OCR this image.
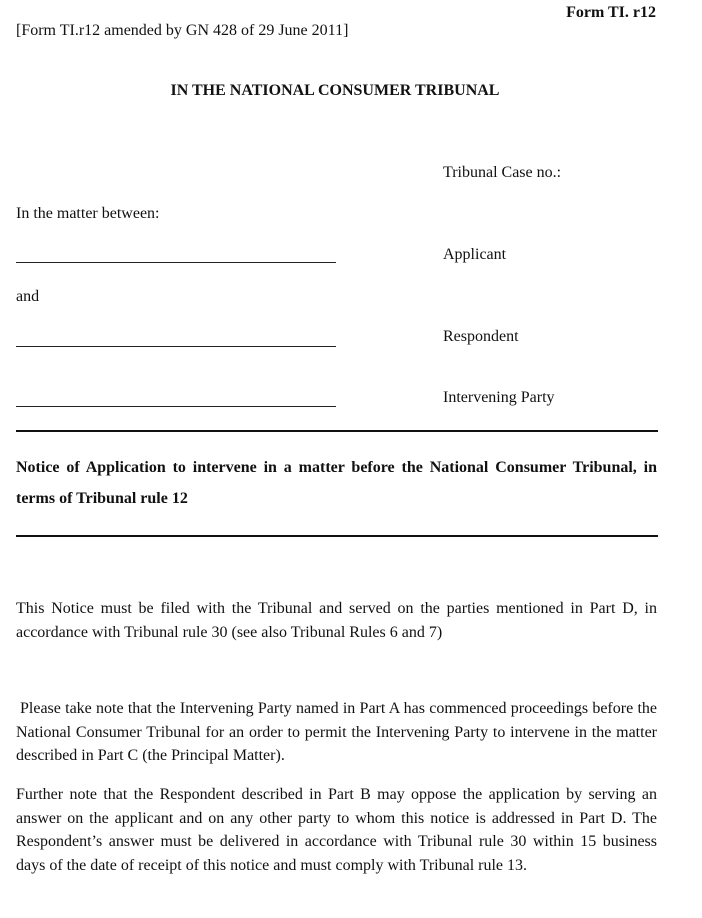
Form TI. r12
[Form TI.r12 amended by GN 428 of 29 June 2011]
IN THE NATIONAL CONSUMER TRIBUNAL
Tribunal Case no.:
In the matter between:
Applicant
and
Respondent
Intervening Party
Notice of Application to intervene in a matter before the National Consumer Tribunal, in terms of Tribunal rule 12
This Notice must be filed with the Tribunal and served on the parties mentioned in Part D, in accordance with Tribunal rule 30 (see also Tribunal Rules 6 and 7)
Please take note that the Intervening Party named in Part A has commenced proceedings before the National Consumer Tribunal for an order to permit the Intervening Party to intervene in the matter described in Part C (the Principal Matter).
Further note that the Respondent described in Part B may oppose the application by serving an answer on the applicant and on any other party to whom this notice is addressed in Part D. The Respondent’s answer must be delivered in accordance with Tribunal rule 30 within 15 business days of the date of receipt of this notice and must comply with Tribunal rule 13.
